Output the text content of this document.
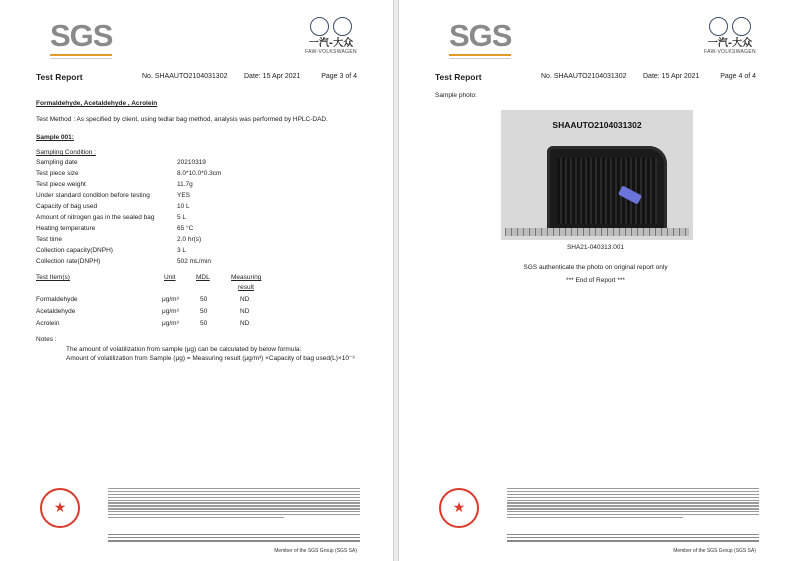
SGS	一汽-大众
FAW-VOLKSWAGEN
Test Report	No. SHAAUTO2104031302 Date: 15 Apr 2021	Page 3 of 4
Formaldehyde, Acetaldehyde , Acrolein
Test Method : As specified by client, using tedlar bag method, analysis was performed by HPLC-DAD.
Sample 001:
Sampling Condition :
Sampling date	20210319
Test piece size	8.0*10.0*0.3cm
Test piece weight	11.7g
Under standard condition before testing	YES
Capacity of bag used	10 L
Amount of nitrogen gas in the sealed bag	5 L
Heating temperature	65 °C
Test time	2.0 hr(s)
Collection capacity(DNPH)	3 L
Collection rate(DNPH)	502 mL/min
Test Item(s)	Unit	MDL	Measuring
result
Formaldehyde	μg/m³	50	ND
Acetaldehyde	μg/m³	50	ND
Acrolein	μg/m³	50	ND
Notes :
The amount of volatilization from sample (μg) can be calculated by below formula:
Amount of volatilization from Sample (μg) = Measuring result (μg/m³) ×Capacity of bag used(L)×10⁻³
★
Member of the SGS Group (SGS SA)
SGS	一汽-大众
FAW-VOLKSWAGEN
Test Report	No. SHAAUTO2104031302 Date: 15 Apr 2021	Page 4 of 4
Sample photo:
SHAAUTO2104031302
SHA21-040313.001
SGS authenticate the photo on original report only
*** End of Report ***
★
Member of the SGS Group (SGS SA)
